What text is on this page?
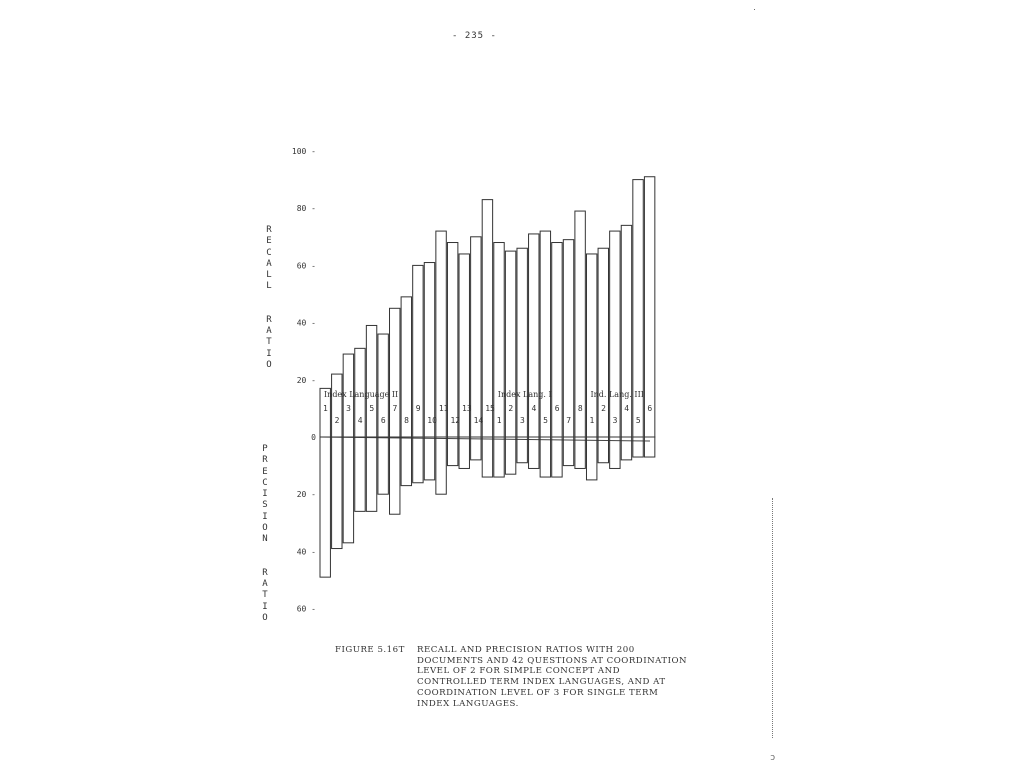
- 235 -
100 -
80 -
60 -
40 -
20 -
0
20 -
40 -
60 -
1
2
3
4
5
6
7
8
9
10
11
12
13
14
15
1
2
3
4
5
6
7
8
1
2
3
4
5
6
Index Language II	Index Lang. I	Ind. Lang. III
R
E
C
A
L
L

R
A
T
I
O
P
R
E
C
I
S
I
O
N

R
A
T
I
O
FIGURE 5.16T RECALL AND PRECISION RATIOS WITH 200 DOCUMENTS AND 42 QUESTIONS AT COORDINATION LEVEL OF 2 FOR SIMPLE CONCEPT AND CONTROLLED TERM INDEX LANGUAGES, AND AT COORDINATION LEVEL OF 3 FOR SINGLE TERM INDEX LANGUAGES.
ɔ
